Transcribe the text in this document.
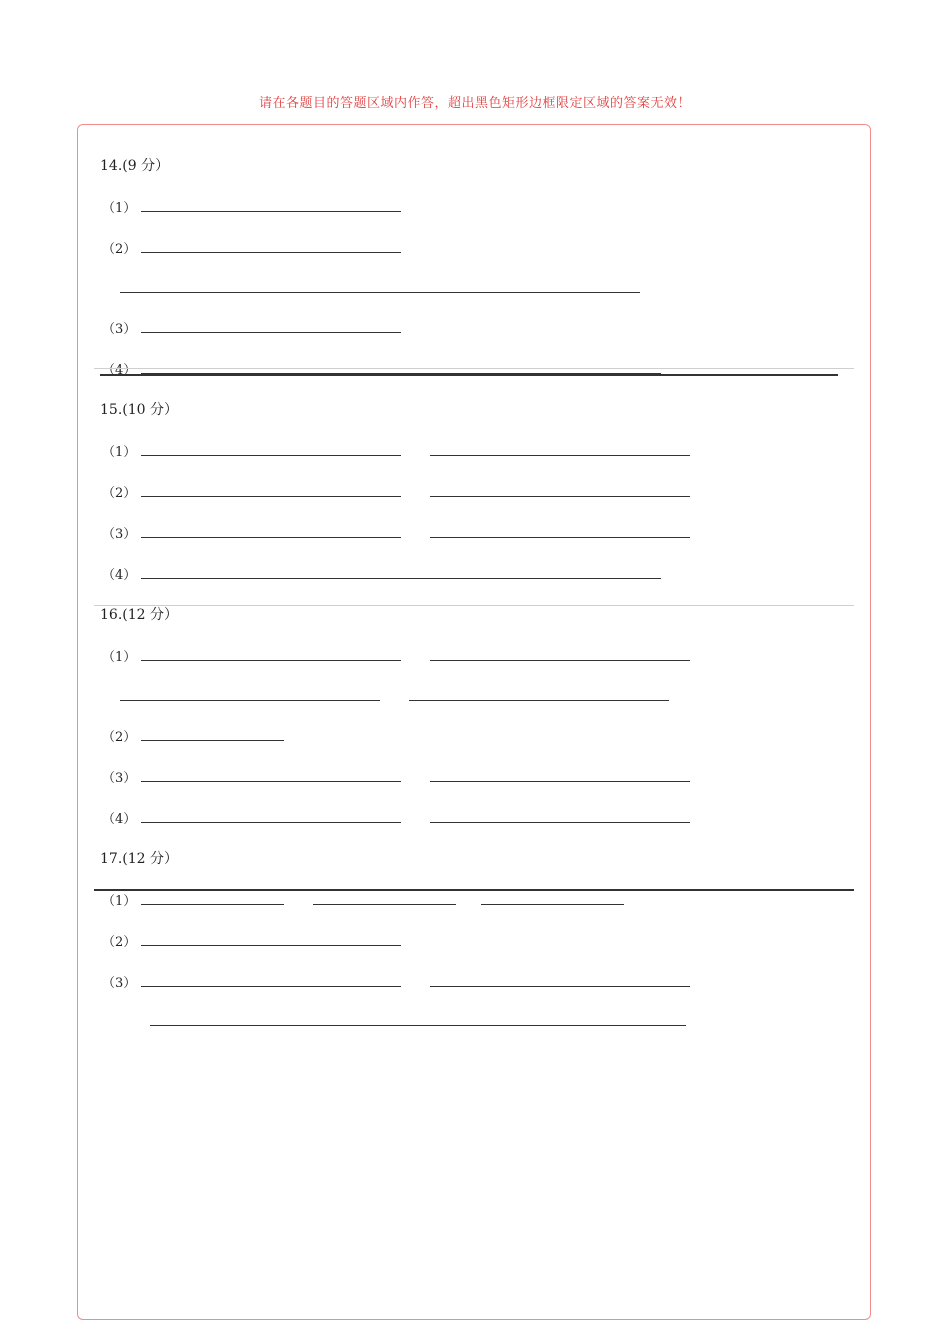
请在各题目的答题区域内作答，超出黑色矩形边框限定区域的答案无效！
14.(9 分）
（1）
（2）
（3）
（4）
15.(10 分）
（1）
（2）
（3）
（4）
16.(12 分）
（1）
（2）
（3）
（4）
17.(12 分）
（1）
（2）
（3）
